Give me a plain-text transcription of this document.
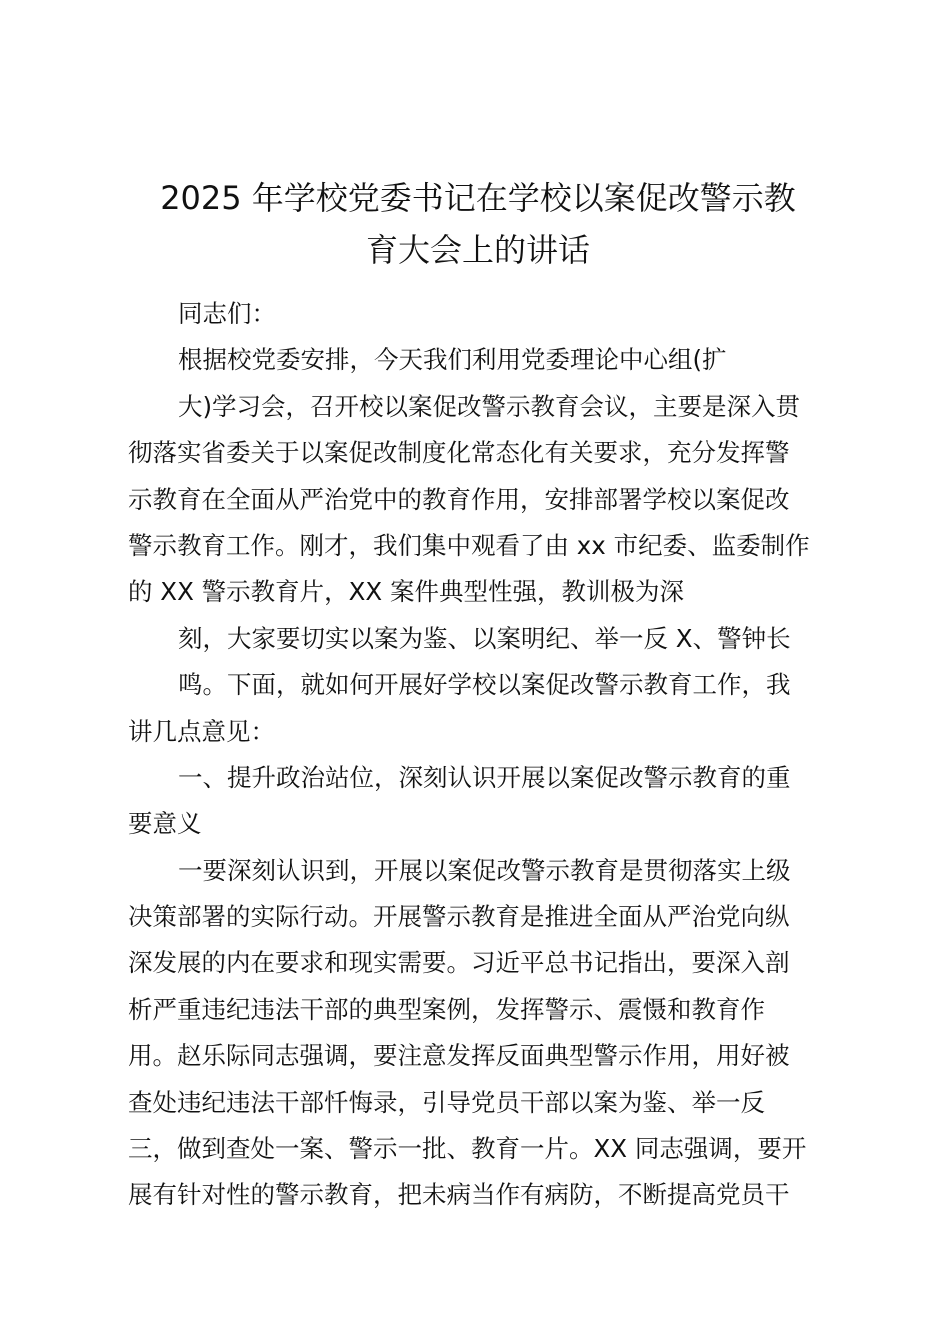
2025 年学校党委书记在学校以案促改警示教
育大会上的讲话

同志们：

根据校党委安排，今天我们利用党委理论中心组(扩

大)学习会，召开校以案促改警示教育会议，主要是深入贯

彻落实省委关于以案促改制度化常态化有关要求，充分发挥警

示教育在全面从严治党中的教育作用，安排部署学校以案促改

警示教育工作。刚才，我们集中观看了由 xx 市纪委、监委制作

的 XX 警示教育片，XX 案件典型性强，教训极为深

刻，大家要切实以案为鉴、以案明纪、举一反 X、警钟长

鸣。下面，就如何开展好学校以案促改警示教育工作，我

讲几点意见：

一、提升政治站位，深刻认识开展以案促改警示教育的重

要意义

一要深刻认识到，开展以案促改警示教育是贯彻落实上级

决策部署的实际行动。开展警示教育是推进全面从严治党向纵

深发展的内在要求和现实需要。习近平总书记指出，要深入剖

析严重违纪违法干部的典型案例，发挥警示、震慑和教育作

用。赵乐际同志强调，要注意发挥反面典型警示作用，用好被

查处违纪违法干部忏悔录，引导党员干部以案为鉴、举一反

三，做到查处一案、警示一批、教育一片。XX 同志强调，要开

展有针对性的警示教育，把未病当作有病防，不断提高党员干
